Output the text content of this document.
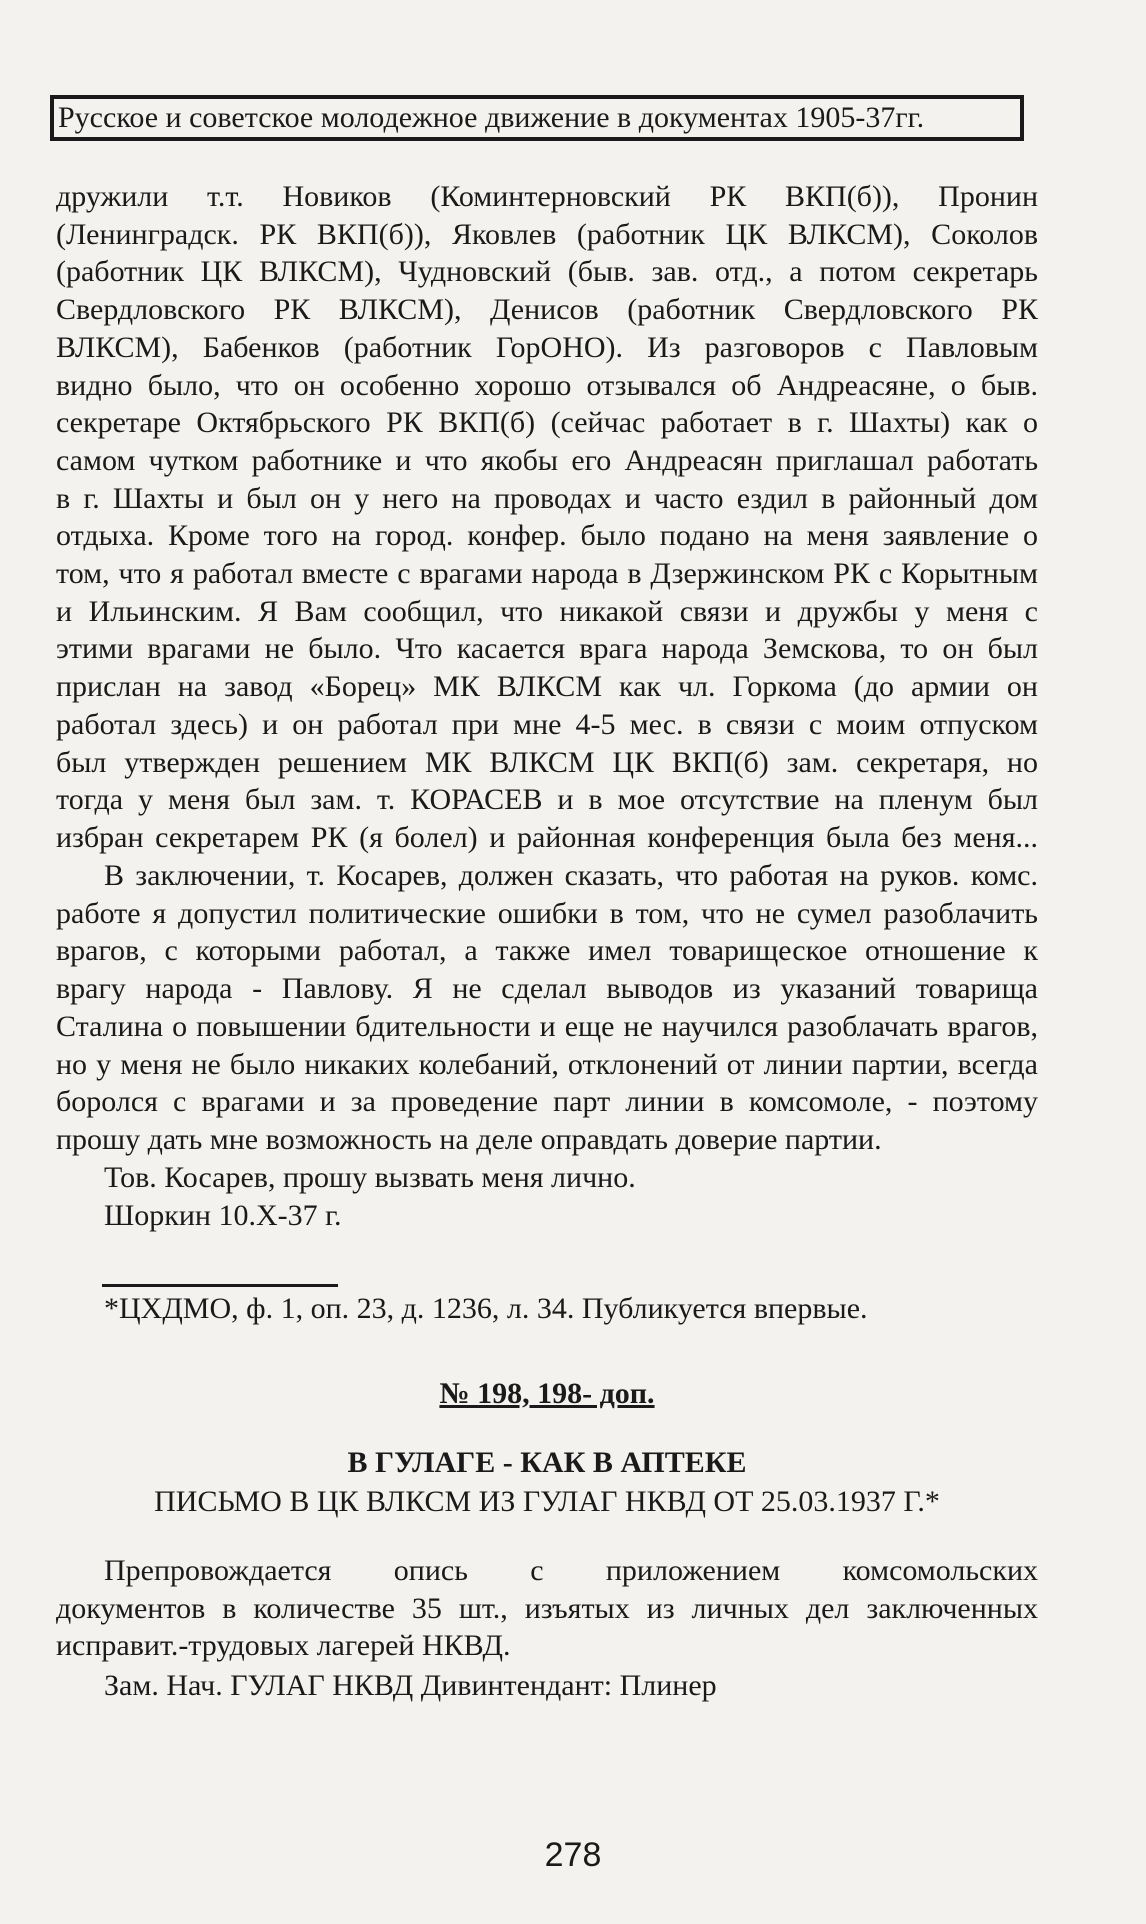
Русское и советское молодежное движение в документах 1905-37гг.
дружили т.т. Новиков (Коминтерновский РК ВКП(б)), Пронин
(Ленинградск. РК ВКП(б)), Яковлев (работник ЦК ВЛКСМ), Соколов
(работник ЦК ВЛКСМ), Чудновский (быв. зав. отд., а потом секретарь
Свердловского РК ВЛКСМ), Денисов (работник Свердловского РК
ВЛКСМ), Бабенков (работник ГорОНО). Из разговоров с Павловым
видно было, что он особенно хорошо отзывался об Андреасяне, о быв.
секретаре Октябрьского РК ВКП(б) (сейчас работает в г. Шахты) как о
самом чутком работнике и что якобы его Андреасян приглашал работать
в г. Шахты и был он у него на проводах и часто ездил в районный дом
отдыха. Кроме того на город. конфер. было подано на меня заявление о
том, что я работал вместе с врагами народа в Дзержинском РК с Корытным
и Ильинским. Я Вам сообщил, что никакой связи и дружбы у меня с
этими врагами не было. Что касается врага народа Земскова, то он был
прислан на завод «Борец» МК ВЛКСМ как чл. Горкома (до армии он
работал здесь) и он работал при мне 4-5 мес. в связи с моим отпуском
был утвержден решением МК ВЛКСМ ЦК ВКП(б) зам. секретаря, но
тогда у меня был зам. т. КОРАСЕВ и в мое отсутствие на пленум был
избран секретарем РК (я болел) и районная конференция была без меня...
В заключении, т. Косарев, должен сказать, что работая на руков. комс.
работе я допустил политические ошибки в том, что не сумел разоблачить
врагов, с которыми работал, а также имел товарищеское отношение к
врагу народа - Павлову. Я не сделал выводов из указаний товарища
Сталина о повышении бдительности и еще не научился разоблачать врагов,
но у меня не было никаких колебаний, отклонений от линии партии, всегда
боролся с врагами и за проведение парт линии в комсомоле, - поэтому
прошу дать мне возможность на деле оправдать доверие партии.
Тов. Косарев, прошу вызвать меня лично.
Шоркин 10.X-37 г.
*ЦХДМО, ф. 1, оп. 23, д. 1236, л. 34. Публикуется впервые.
№ 198, 198- доп.
В ГУЛАГЕ - КАК В АПТЕКЕ
ПИСЬМО В ЦК ВЛКСМ ИЗ ГУЛАГ НКВД ОТ 25.03.1937 Г.*
Препровождается опись с приложением комсомольских
документов в количестве 35 шт., изъятых из личных дел заключенных
исправит.-трудовых лагерей НКВД.
Зам. Нач. ГУЛАГ НКВД Дивинтендант: Плинер
278
